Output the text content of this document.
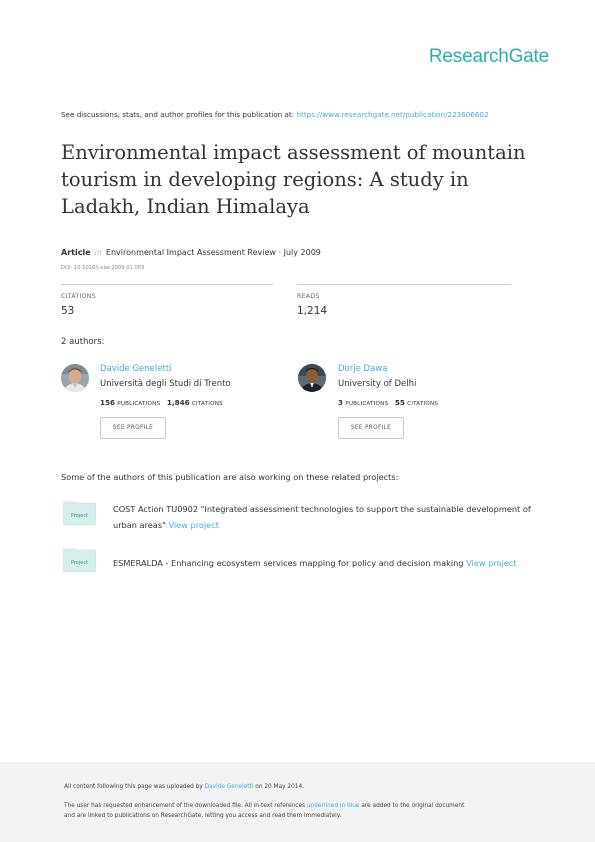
ResearchGate
See discussions, stats, and author profiles for this publication at: https://www.researchgate.net/publication/223606602
Environmental impact assessment of mountain tourism in developing regions: A study in Ladakh, Indian Himalaya
Article in Environmental Impact Assessment Review · July 2009
DOI: 10.1016/j.eiar.2009.01.003
CITATIONS
53
READS
1,214
2 authors:
Davide Geneletti
Università degli Studi di Trento
156 PUBLICATIONS 1,846 CITATIONS
SEE PROFILE
Dorje Dawa
University of Delhi
3 PUBLICATIONS 55 CITATIONS
SEE PROFILE
Some of the authors of this publication are also working on these related projects:
Project
COST Action TU0902 "Integrated assessment technologies to support the sustainable development of
urban areas" View project
Project	ESMERALDA - Enhancing ecosystem services mapping for policy and decision making View project
All content following this page was uploaded by Davide Geneletti on 20 May 2014.
The user has requested enhancement of the downloaded file. All in-text references underlined in blue are added to the original document
and are linked to publications on ResearchGate, letting you access and read them immediately.
